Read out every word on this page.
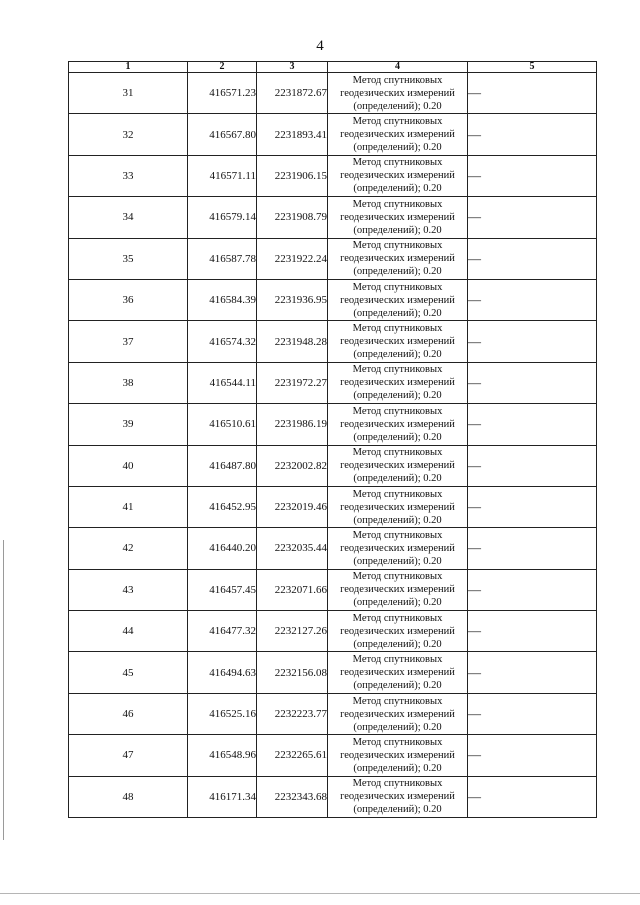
4
1	2	3	4	5
31	416571.23	2231872.67	Метод спутниковых
геодезических измерений
(определений); 0.20	—
32	416567.80	2231893.41	Метод спутниковых
геодезических измерений
(определений); 0.20	—
33	416571.11	2231906.15	Метод спутниковых
геодезических измерений
(определений); 0.20	—
34	416579.14	2231908.79	Метод спутниковых
геодезических измерений
(определений); 0.20	—
35	416587.78	2231922.24	Метод спутниковых
геодезических измерений
(определений); 0.20	—
36	416584.39	2231936.95	Метод спутниковых
геодезических измерений
(определений); 0.20	—
37	416574.32	2231948.28	Метод спутниковых
геодезических измерений
(определений); 0.20	—
38	416544.11	2231972.27	Метод спутниковых
геодезических измерений
(определений); 0.20	—
39	416510.61	2231986.19	Метод спутниковых
геодезических измерений
(определений); 0.20	—
40	416487.80	2232002.82	Метод спутниковых
геодезических измерений
(определений); 0.20	—
41	416452.95	2232019.46	Метод спутниковых
геодезических измерений
(определений); 0.20	—
42	416440.20	2232035.44	Метод спутниковых
геодезических измерений
(определений); 0.20	—
43	416457.45	2232071.66	Метод спутниковых
геодезических измерений
(определений); 0.20	—
44	416477.32	2232127.26	Метод спутниковых
геодезических измерений
(определений); 0.20	—
45	416494.63	2232156.08	Метод спутниковых
геодезических измерений
(определений); 0.20	—
46	416525.16	2232223.77	Метод спутниковых
геодезических измерений
(определений); 0.20	—
47	416548.96	2232265.61	Метод спутниковых
геодезических измерений
(определений); 0.20	—
48	416171.34	2232343.68	Метод спутниковых
геодезических измерений
(определений); 0.20	—
